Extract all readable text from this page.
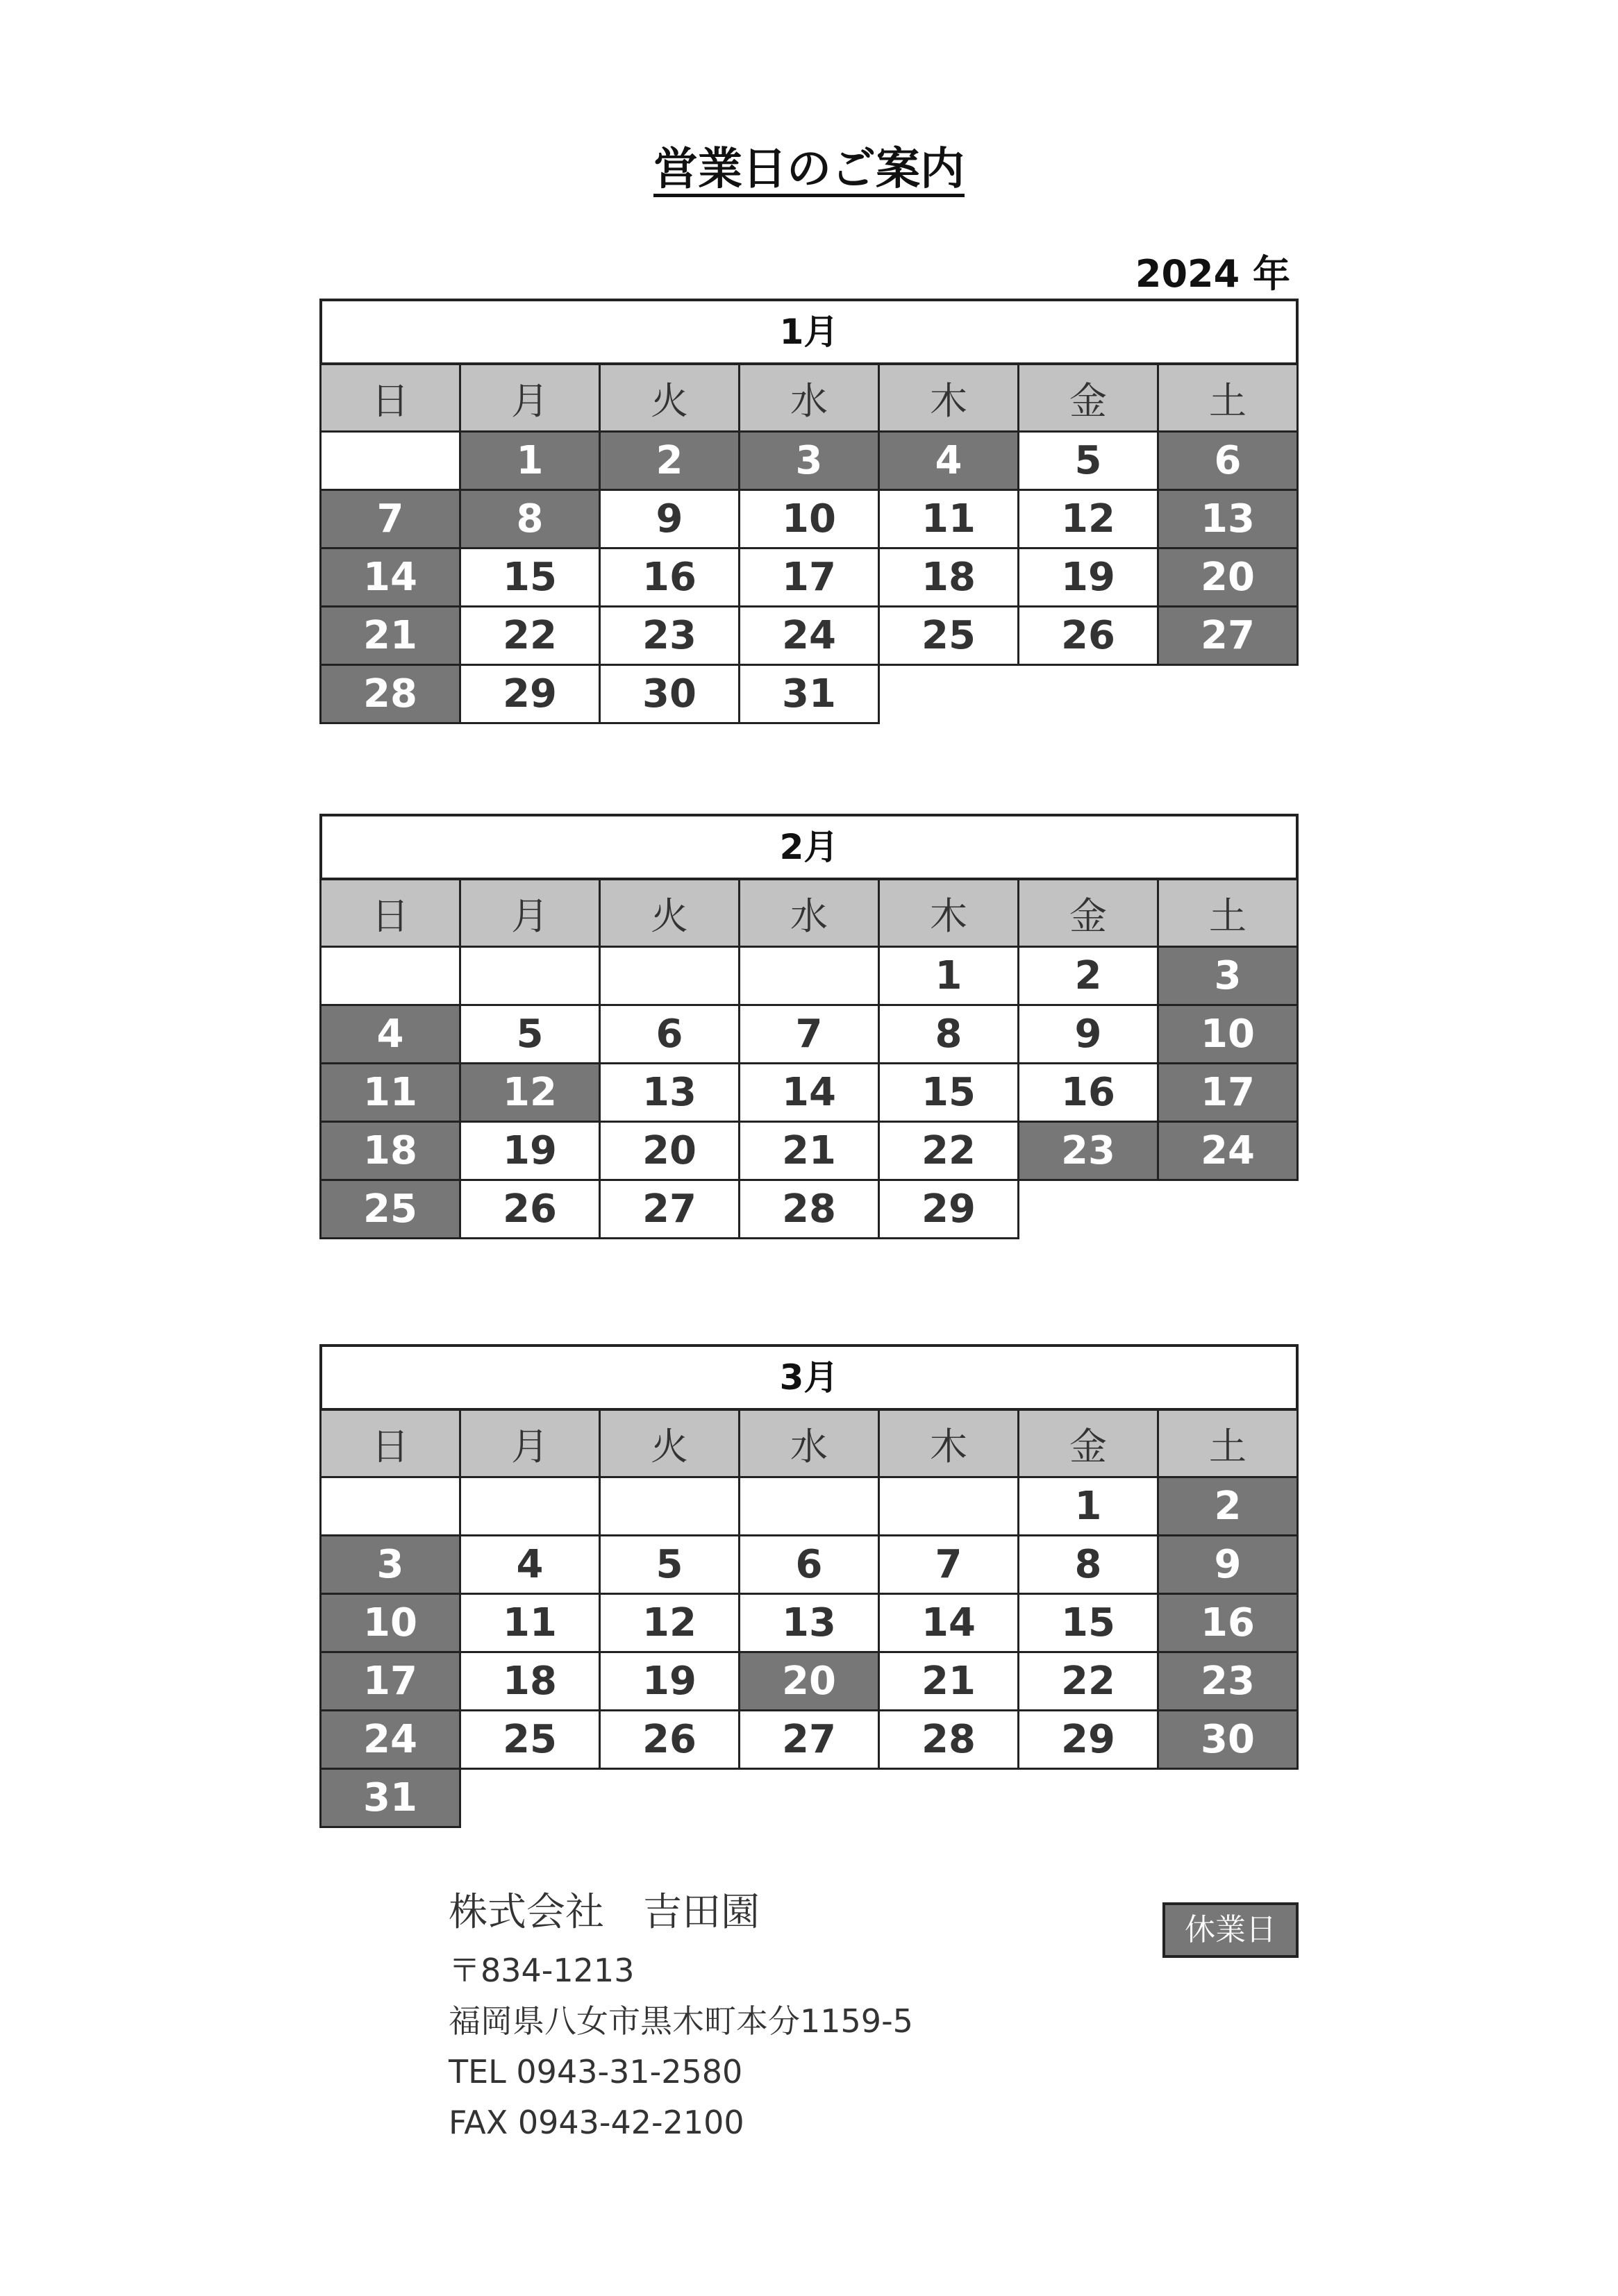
営業日のご案内
2024 年
1月
日	月	火	水	木	金	土
	1	2	3	4	5	6
7	8	9	10	11	12	13
14	15	16	17	18	19	20
21	22	23	24	25	26	27
28	29	30	31			
2月
日	月	火	水	木	金	土
				1	2	3
4	5	6	7	8	9	10
11	12	13	14	15	16	17
18	19	20	21	22	23	24
25	26	27	28	29		
3月
日	月	火	水	木	金	土
					1	2
3	4	5	6	7	8	9
10	11	12	13	14	15	16
17	18	19	20	21	22	23
24	25	26	27	28	29	30
31						
株式会社　吉田園
〒834-1213
福岡県八女市黒木町本分1159-5
TEL 0943-31-2580
FAX 0943-42-2100
休業日
